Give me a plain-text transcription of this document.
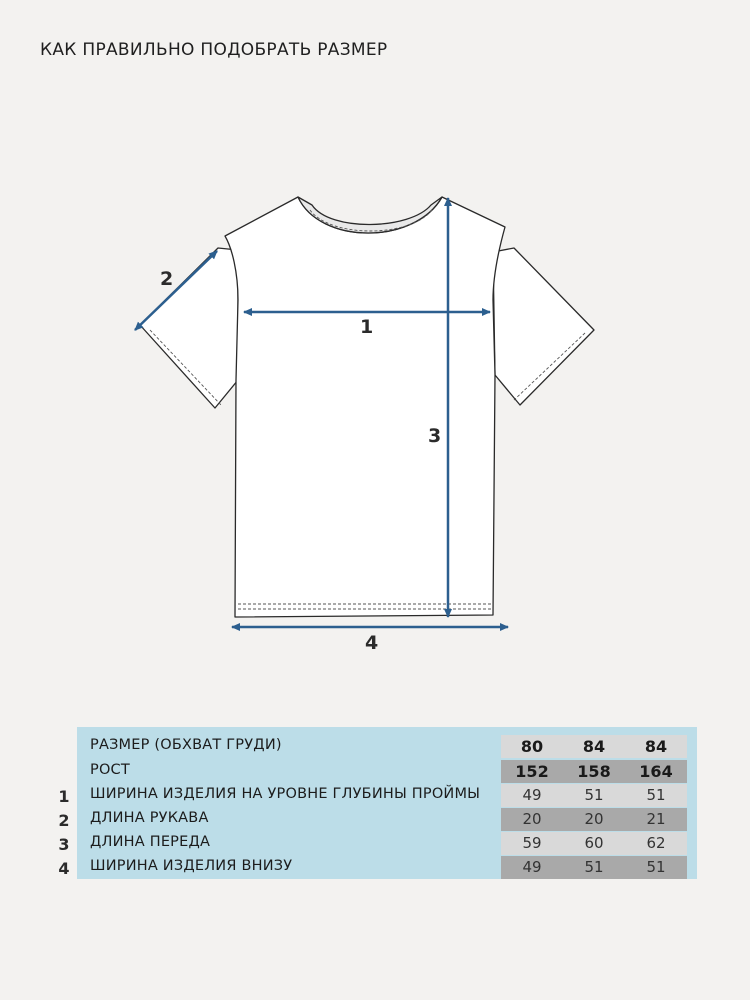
КАК ПРАВИЛЬНО ПОДОБРАТЬ РАЗМЕР
1
2
3
4
РАЗМЕР (ОБХВАТ ГРУДИ)	80	84	84
РОСТ	152	158	164
ШИРИНА ИЗДЕЛИЯ НА УРОВНЕ ГЛУБИНЫ ПРОЙМЫ	49	51	51
ДЛИНА РУКАВА	20	20	21
ДЛИНА ПЕРЕДА	59	60	62
ШИРИНА ИЗДЕЛИЯ ВНИЗУ	49	51	51
1
2
3
4
